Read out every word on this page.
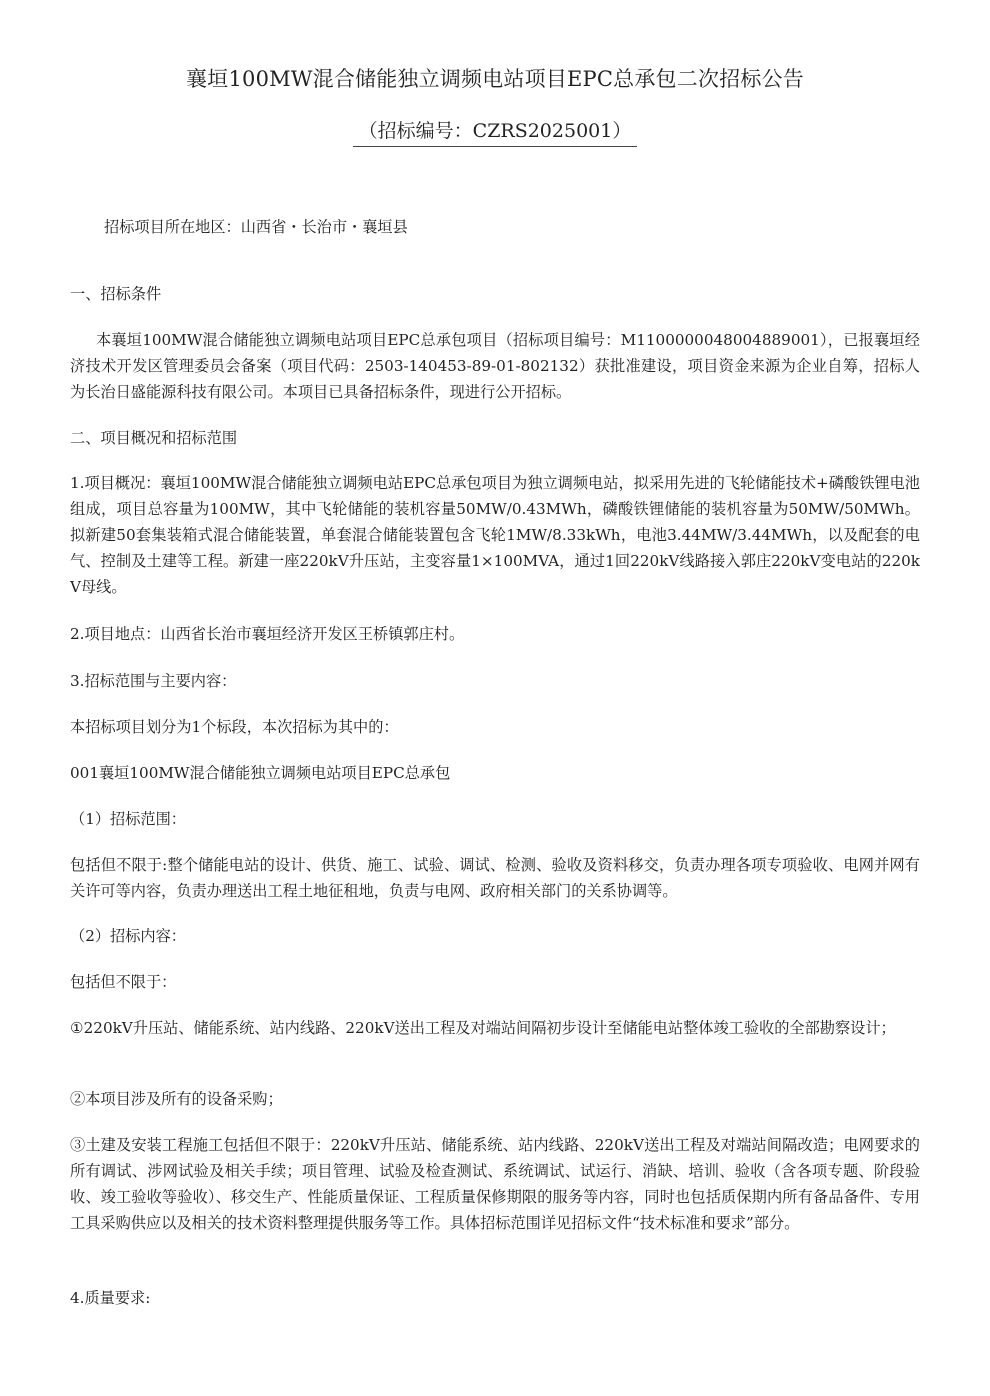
襄垣100MW混合储能独立调频电站项目EPC总承包二次招标公告
（招标编号：CZRS2025001）
招标项目所在地区：山西省・长治市・襄垣县
一、招标条件
本襄垣100MW混合储能独立调频电站项目EPC总承包项目（招标项目编号：M1100000048004889001），已报襄垣经济技术开发区管理委员会备案（项目代码：2503-140453-89-01-802132）获批准建设，项目资金来源为企业自筹，招标人为长治日盛能源科技有限公司。本项目已具备招标条件，现进行公开招标。
二、项目概况和招标范围
1.项目概况：襄垣100MW混合储能独立调频电站EPC总承包项目为独立调频电站，拟采用先进的飞轮储能技术+磷酸铁锂电池组成，项目总容量为100MW，其中飞轮储能的装机容量50MW/0.43MWh，磷酸铁锂储能的装机容量为50MW/50MWh。拟新建50套集装箱式混合储能装置，单套混合储能装置包含飞轮1MW/8.33kWh，电池3.44MW/3.44MWh，以及配套的电气、控制及土建等工程。新建一座220kV升压站，主变容量1×100MVA，通过1回220kV线路接入郭庄220kV变电站的220kV母线。
2.项目地点：山西省长治市襄垣经济开发区王桥镇郭庄村。
3.招标范围与主要内容：
本招标项目划分为1个标段，本次招标为其中的：
001襄垣100MW混合储能独立调频电站项目EPC总承包
（1）招标范围：
包括但不限于:整个储能电站的设计、供货、施工、试验、调试、检测、验收及资料移交，负责办理各项专项验收、电网并网有关许可等内容，负责办理送出工程土地征租地，负责与电网、政府相关部门的关系协调等。
（2）招标内容：
包括但不限于：
①220kV升压站、储能系统、站内线路、220kV送出工程及对端站间隔初步设计至储能电站整体竣工验收的全部勘察设计；
②本项目涉及所有的设备采购；
③土建及安装工程施工包括但不限于：220kV升压站、储能系统、站内线路、220kV送出工程及对端站间隔改造；电网要求的所有调试、涉网试验及相关手续；项目管理、试验及检查测试、系统调试、试运行、消缺、培训、验收（含各项专题、阶段验收、竣工验收等验收）、移交生产、性能质量保证、工程质量保修期限的服务等内容，同时也包括质保期内所有备品备件、专用工具采购供应以及相关的技术资料整理提供服务等工作。具体招标范围详见招标文件“技术标准和要求”部分。
4.质量要求:
